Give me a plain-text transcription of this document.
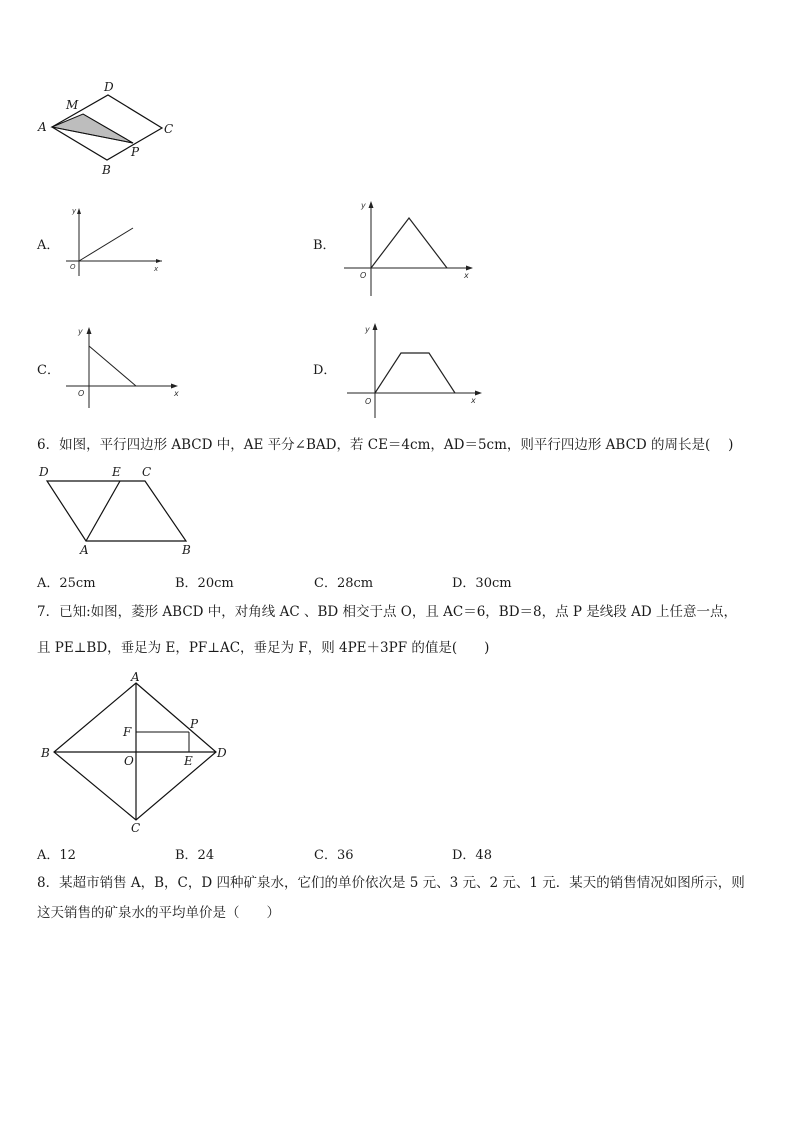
D
M
A	C
P
B
A．
y
x
O
B．
y
x
O
C．
y
x
O
D．
y
x
O
6．如图，平行四边形 ABCD 中，AE 平分∠BAD，若 CE＝4cm，AD＝5cm，则平行四边形 ABCD 的周长是(　 )
D	E C
A	B
A．25cm	B．20cm	C．28cm	D．30cm
7．已知:如图，菱形 ABCD 中，对角线 AC 、BD 相交于点 O，且 AC＝6，BD＝8，点 P 是线段 AD 上任意一点，
且 PE⊥BD，垂足为 E，PF⊥AC，垂足为 F，则 4PE＋3PF 的值是(　　)
A
P
F
B
O	E
D
C
A．12	B．24	C．36	D．48
8．某超市销售 A，B，C，D 四种矿泉水，它们的单价依次是 5 元、3 元、2 元、1 元．某天的销售情况如图所示，则
这天销售的矿泉水的平均单价是（　　）
